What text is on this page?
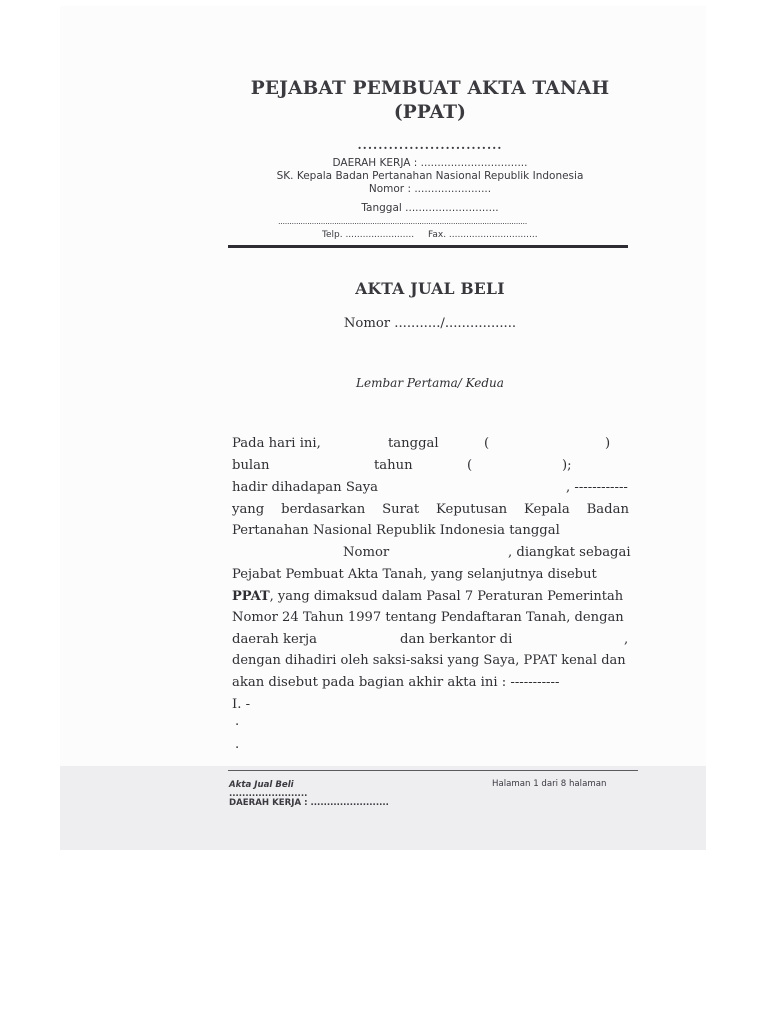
PEJABAT PEMBUAT AKTA TANAH
(PPAT)
............................
DAERAH KERJA : ................................
SK. Kepala Badan Pertanahan Nasional Republik Indonesia
Nomor : .......................
Tanggal ............................
...............................................................................................................
Telp. ........................ Fax. ...............................
AKTA JUAL BELI
Nomor .........../.................
Lembar Pertama/ Kedua
Pada hari ini,	tanggal	(	)
bulan	tahun	(	);
hadir dihadapan Saya	, ------------
yang berdasarkan Surat Keputusan Kepala Badan
Pertanahan Nasional Republik Indonesia tanggal
Nomor	, diangkat sebagai
Pejabat Pembuat Akta Tanah, yang selanjutnya disebut
PPAT, yang dimaksud dalam Pasal 7 Peraturan Pemerintah
Nomor 24 Tahun 1997 tentang Pendaftaran Tanah, dengan
daerah kerja	dan berkantor di	,
dengan dihadiri oleh saksi-saksi yang Saya, PPAT kenal dan
akan disebut pada bagian akhir akta ini : -----------
I. -
.
.
Akta Jual Beli
........................
DAERAH KERJA : ........................
Halaman 1 dari 8 halaman
